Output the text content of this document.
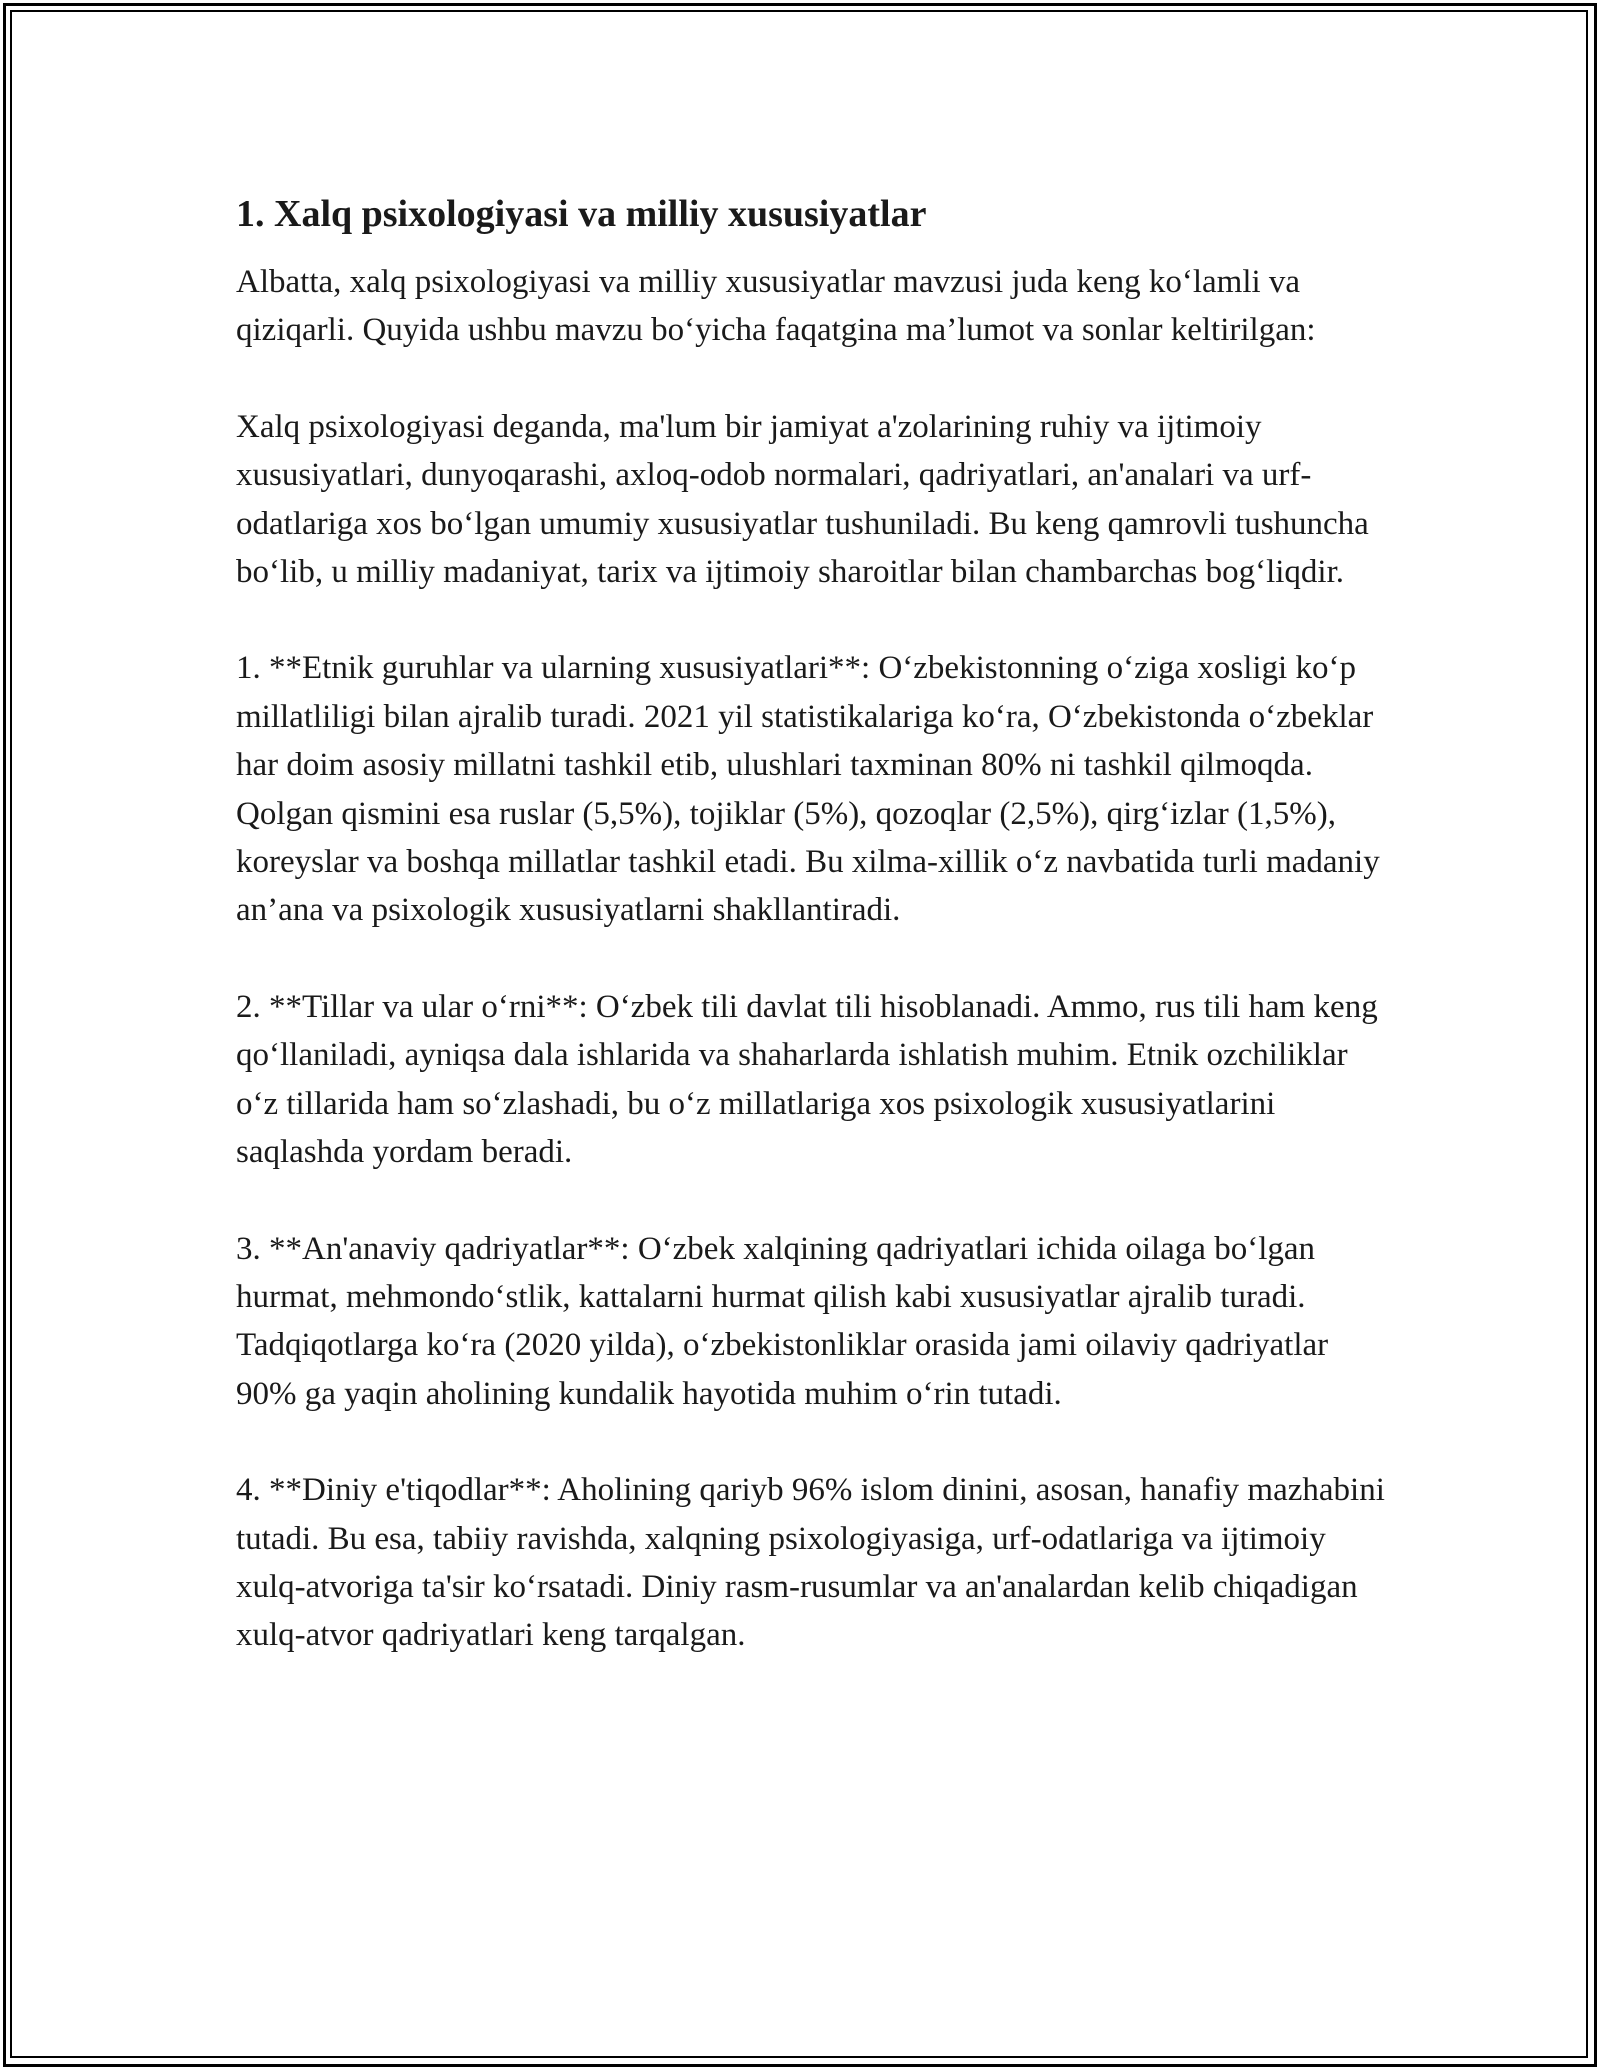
1. Xalq psixologiyasi va milliy xususiyatlar

Albatta, xalq psixologiyasi va milliy xususiyatlar mavzusi juda keng ko‘lamli va qiziqarli. Quyida ushbu mavzu bo‘yicha faqatgina ma’lumot va sonlar keltirilgan:

Xalq psixologiyasi deganda, ma'lum bir jamiyat a'zolarining ruhiy va ijtimoiy xususiyatlari, dunyoqarashi, axloq-odob normalari, qadriyatlari, an'analari va urf-odatlariga xos bo‘lgan umumiy xususiyatlar tushuniladi. Bu keng qamrovli tushuncha bo‘lib, u milliy madaniyat, tarix va ijtimoiy sharoitlar bilan chambarchas bog‘liqdir.

1. **Etnik guruhlar va ularning xususiyatlari**: O‘zbekistonning o‘ziga xosligi ko‘p millatliligi bilan ajralib turadi. 2021 yil statistikalariga ko‘ra, O‘zbekistonda o‘zbeklar har doim asosiy millatni tashkil etib, ulushlari taxminan 80% ni tashkil qilmoqda. Qolgan qismini esa ruslar (5,5%), tojiklar (5%), qozoqlar (2,5%), qirg‘izlar (1,5%), koreyslar va boshqa millatlar tashkil etadi. Bu xilma-xillik o‘z navbatida turli madaniy an’ana va psixologik xususiyatlarni shakllantiradi.

2. **Tillar va ular o‘rni**: O‘zbek tili davlat tili hisoblanadi. Ammo, rus tili ham keng qo‘llaniladi, ayniqsa dala ishlarida va shaharlarda ishlatish muhim. Etnik ozchiliklar o‘z tillarida ham so‘zlashadi, bu o‘z millatlariga xos psixologik xususiyatlarini saqlashda yordam beradi.

3. **An'anaviy qadriyatlar**: O‘zbek xalqining qadriyatlari ichida oilaga bo‘lgan hurmat, mehmondo‘stlik, kattalarni hurmat qilish kabi xususiyatlar ajralib turadi. Tadqiqotlarga ko‘ra (2020 yilda), o‘zbekistonliklar orasida jami oilaviy qadriyatlar 90% ga yaqin aholining kundalik hayotida muhim o‘rin tutadi.

4. **Diniy e'tiqodlar**: Aholining qariyb 96% islom dinini, asosan, hanafiy mazhabini tutadi. Bu esa, tabiiy ravishda, xalqning psixologiyasiga, urf-odatlariga va ijtimoiy xulq-atvoriga ta'sir ko‘rsatadi. Diniy rasm-rusumlar va an'analardan kelib chiqadigan xulq-atvor qadriyatlari keng tarqalgan.
